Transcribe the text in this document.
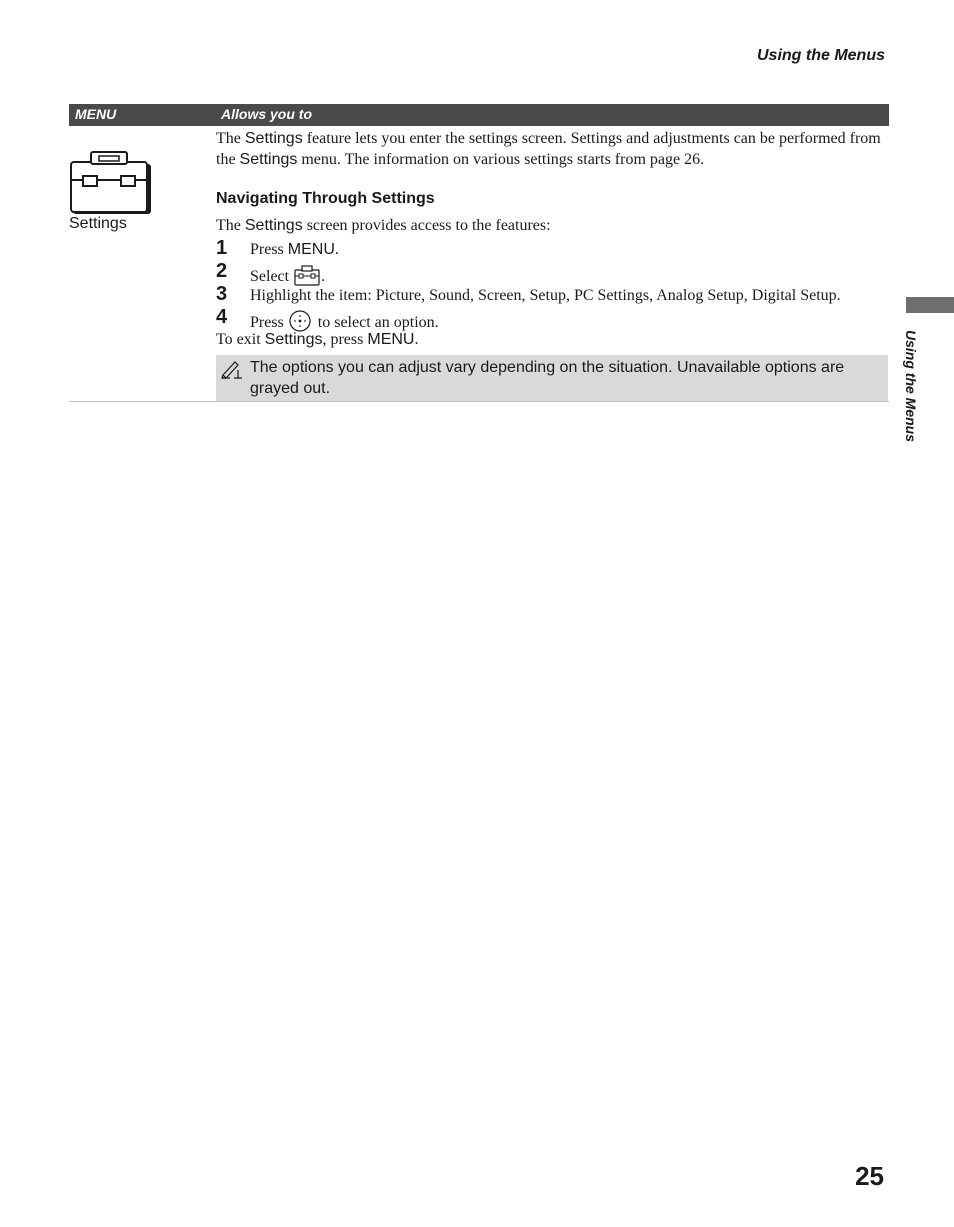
Using the Menus
MENU	Allows you to
Settings

The Settings feature lets you enter the settings screen. Settings and adjustments can be performed from the Settings menu. The information on various settings starts from page 26.

Navigating Through Settings
The Settings screen provides access to the features:
1 Press MENU.
2 Select .
3 Highlight the item: Picture, Sound, Screen, Setup, PC Settings, Analog Setup, Digital Setup.
4 Press to select an option.
To exit Settings, press MENU.
The options you can adjust vary depending on the situation. Unavailable options are grayed out.	Using the Menus
25
